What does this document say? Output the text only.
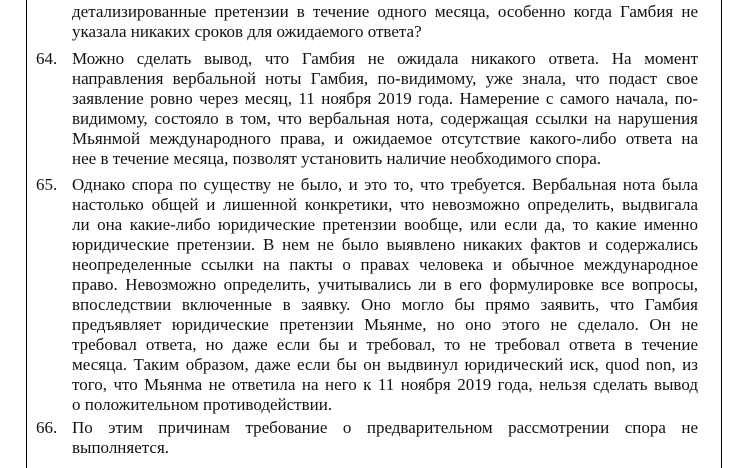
детализированные претензии в течение одного месяца, особенно когда Гамбия не
указала никаких сроков для ожидаемого ответа?
64. Можно сделать вывод, что Гамбия не ожидала никакого ответа. На момент
направления вербальной ноты Гамбия, по-видимому, уже знала, что подаст свое
заявление ровно через месяц, 11 ноября 2019 года. Намерение с самого начала, по-
видимому, состояло в том, что вербальная нота, содержащая ссылки на нарушения
Мьянмой международного права, и ожидаемое отсутствие какого-либо ответа на
нее в течение месяца, позволят установить наличие необходимого спора.
65. Однако спора по существу не было, и это то, что требуется. Вербальная нота была
настолько общей и лишенной конкретики, что невозможно определить, выдвигала
ли она какие-либо юридические претензии вообще, или если да, то какие именно
юридические претензии. В нем не было выявлено никаких фактов и содержались
неопределенные ссылки на пакты о правах человека и обычное международное
право. Невозможно определить, учитывались ли в его формулировке все вопросы,
впоследствии включенные в заявку. Оно могло бы прямо заявить, что Гамбия
предъявляет юридические претензии Мьянме, но оно этого не сделало. Он не
требовал ответа, но даже если бы и требовал, то не требовал ответа в течение
месяца. Таким образом, даже если бы он выдвинул юридический иск, quod non, из
того, что Мьянма не ответила на него к 11 ноября 2019 года, нельзя сделать вывод
о положительном противодействии.
66. По этим причинам требование о предварительном рассмотрении спора не
выполняется.
